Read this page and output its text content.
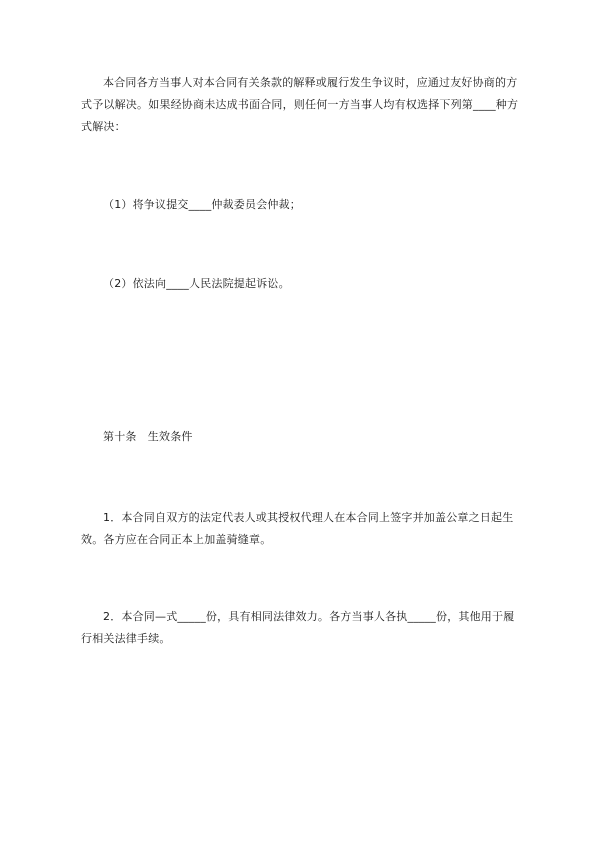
本合同各方当事人对本合同有关条款的解释或履行发生争议时，应通过友好协商的方式予以解决。如果经协商未达成书面合同，则任何一方当事人均有权选择下列第____种方式解决：

（1）将争议提交____仲裁委员会仲裁；

（2）依法向____人民法院提起诉讼。

第十条　生效条件

1．本合同自双方的法定代表人或其授权代理人在本合同上签字并加盖公章之日起生效。各方应在合同正本上加盖骑缝章。

2．本合同—式_____份，具有相同法律效力。各方当事人各执_____份，其他用于履行相关法律手续。
